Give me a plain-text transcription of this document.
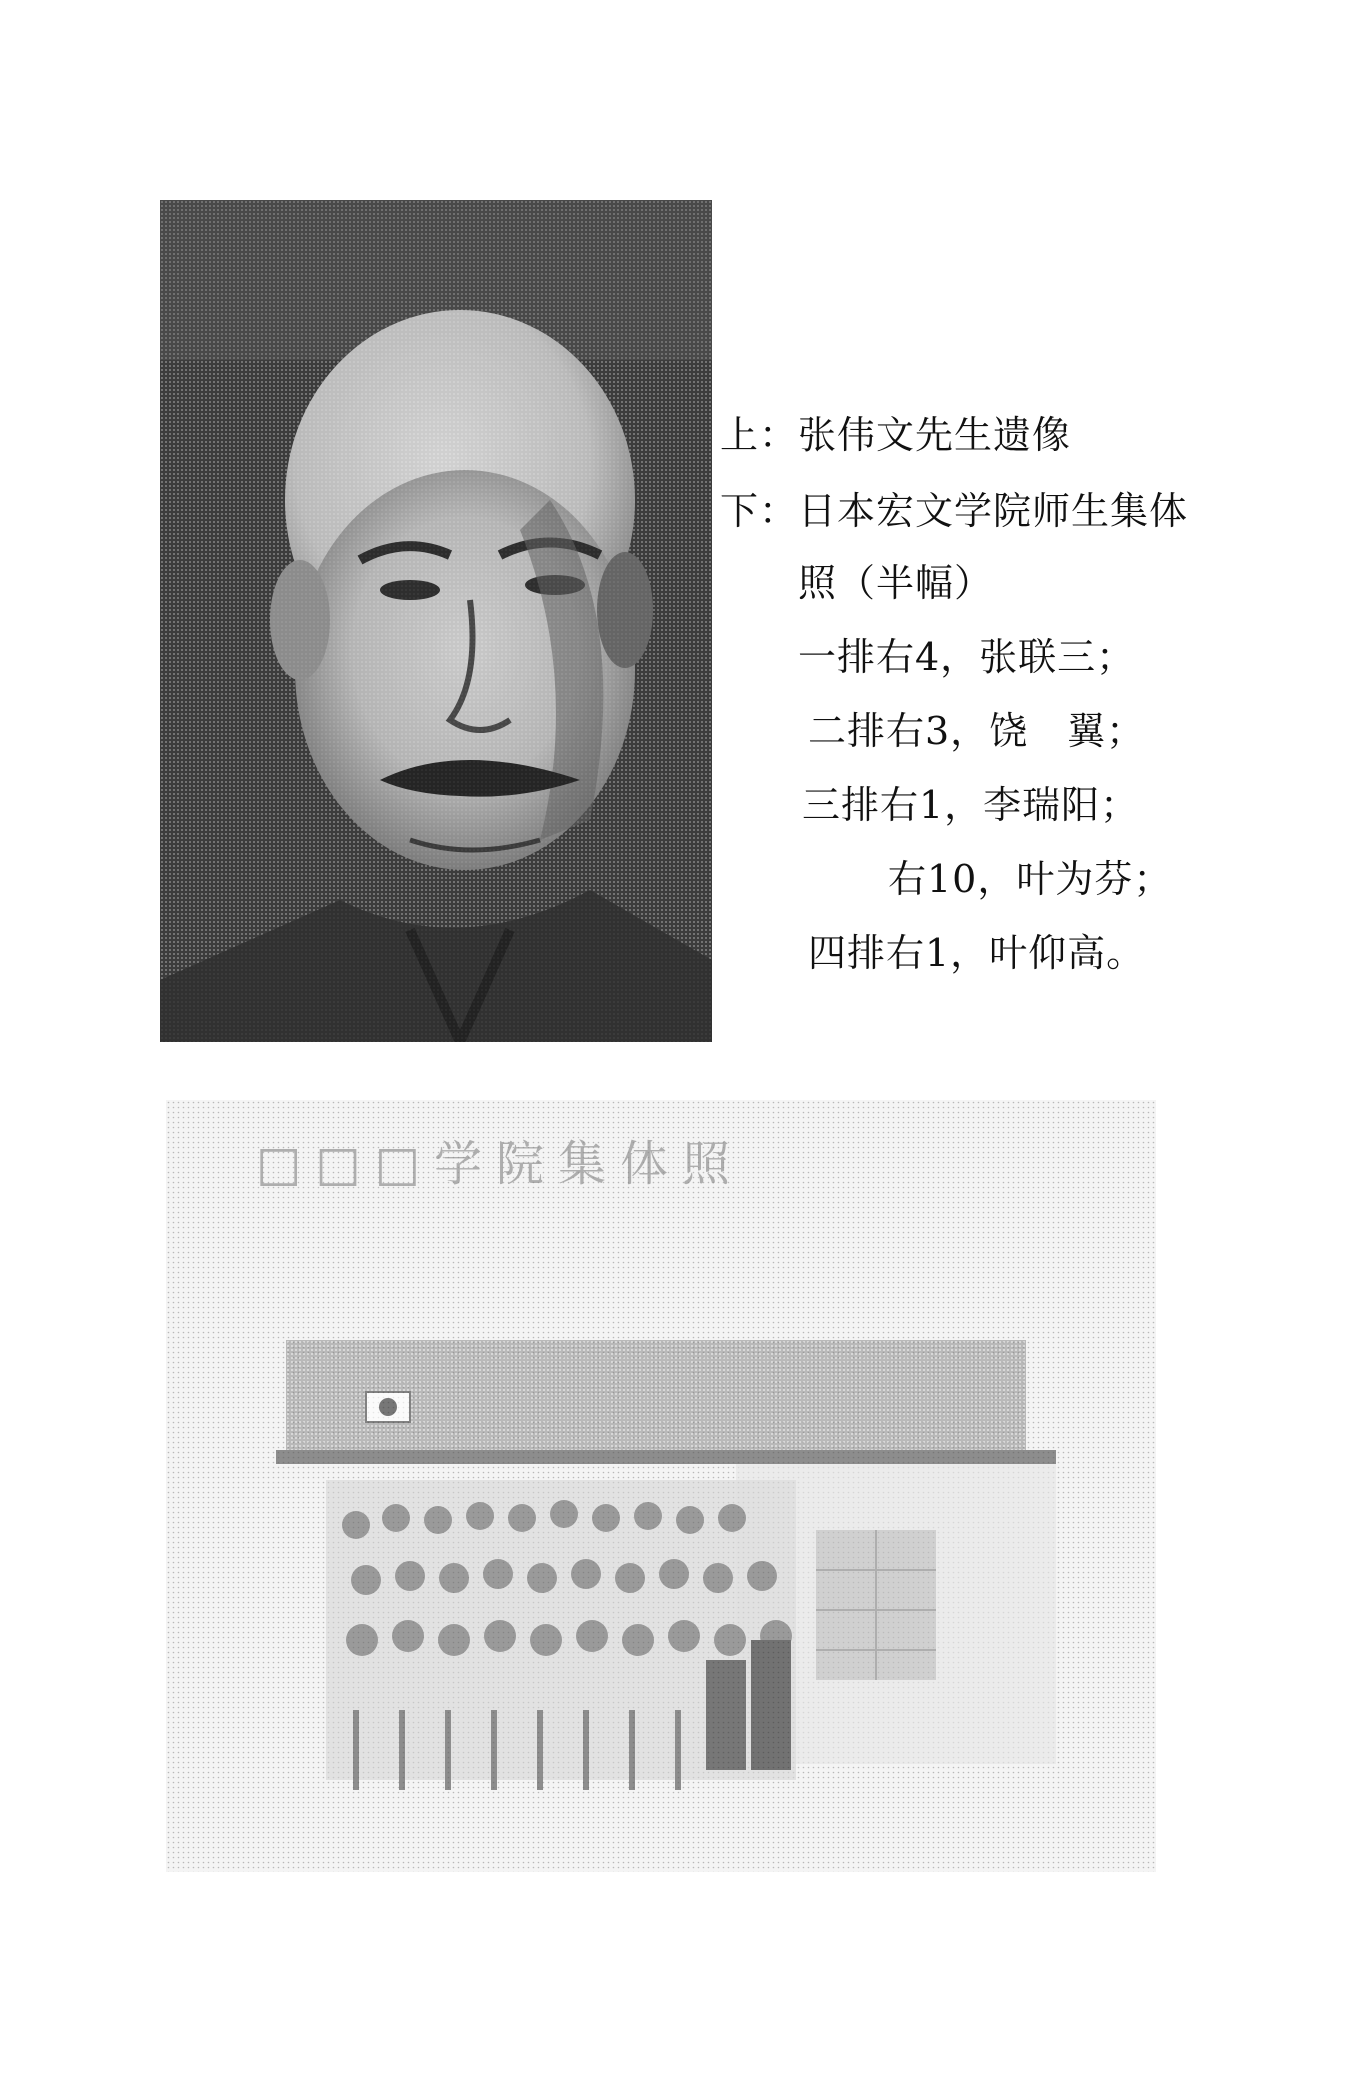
上：张伟文先生遗像
下：日本宏文学院师生集体
照（半幅）
一排右4，张联三；
二排右3，饶　翼；
三排右1，李瑞阳；
右10，叶为芬；
四排右1，叶仰高。
□□□学院集体照
